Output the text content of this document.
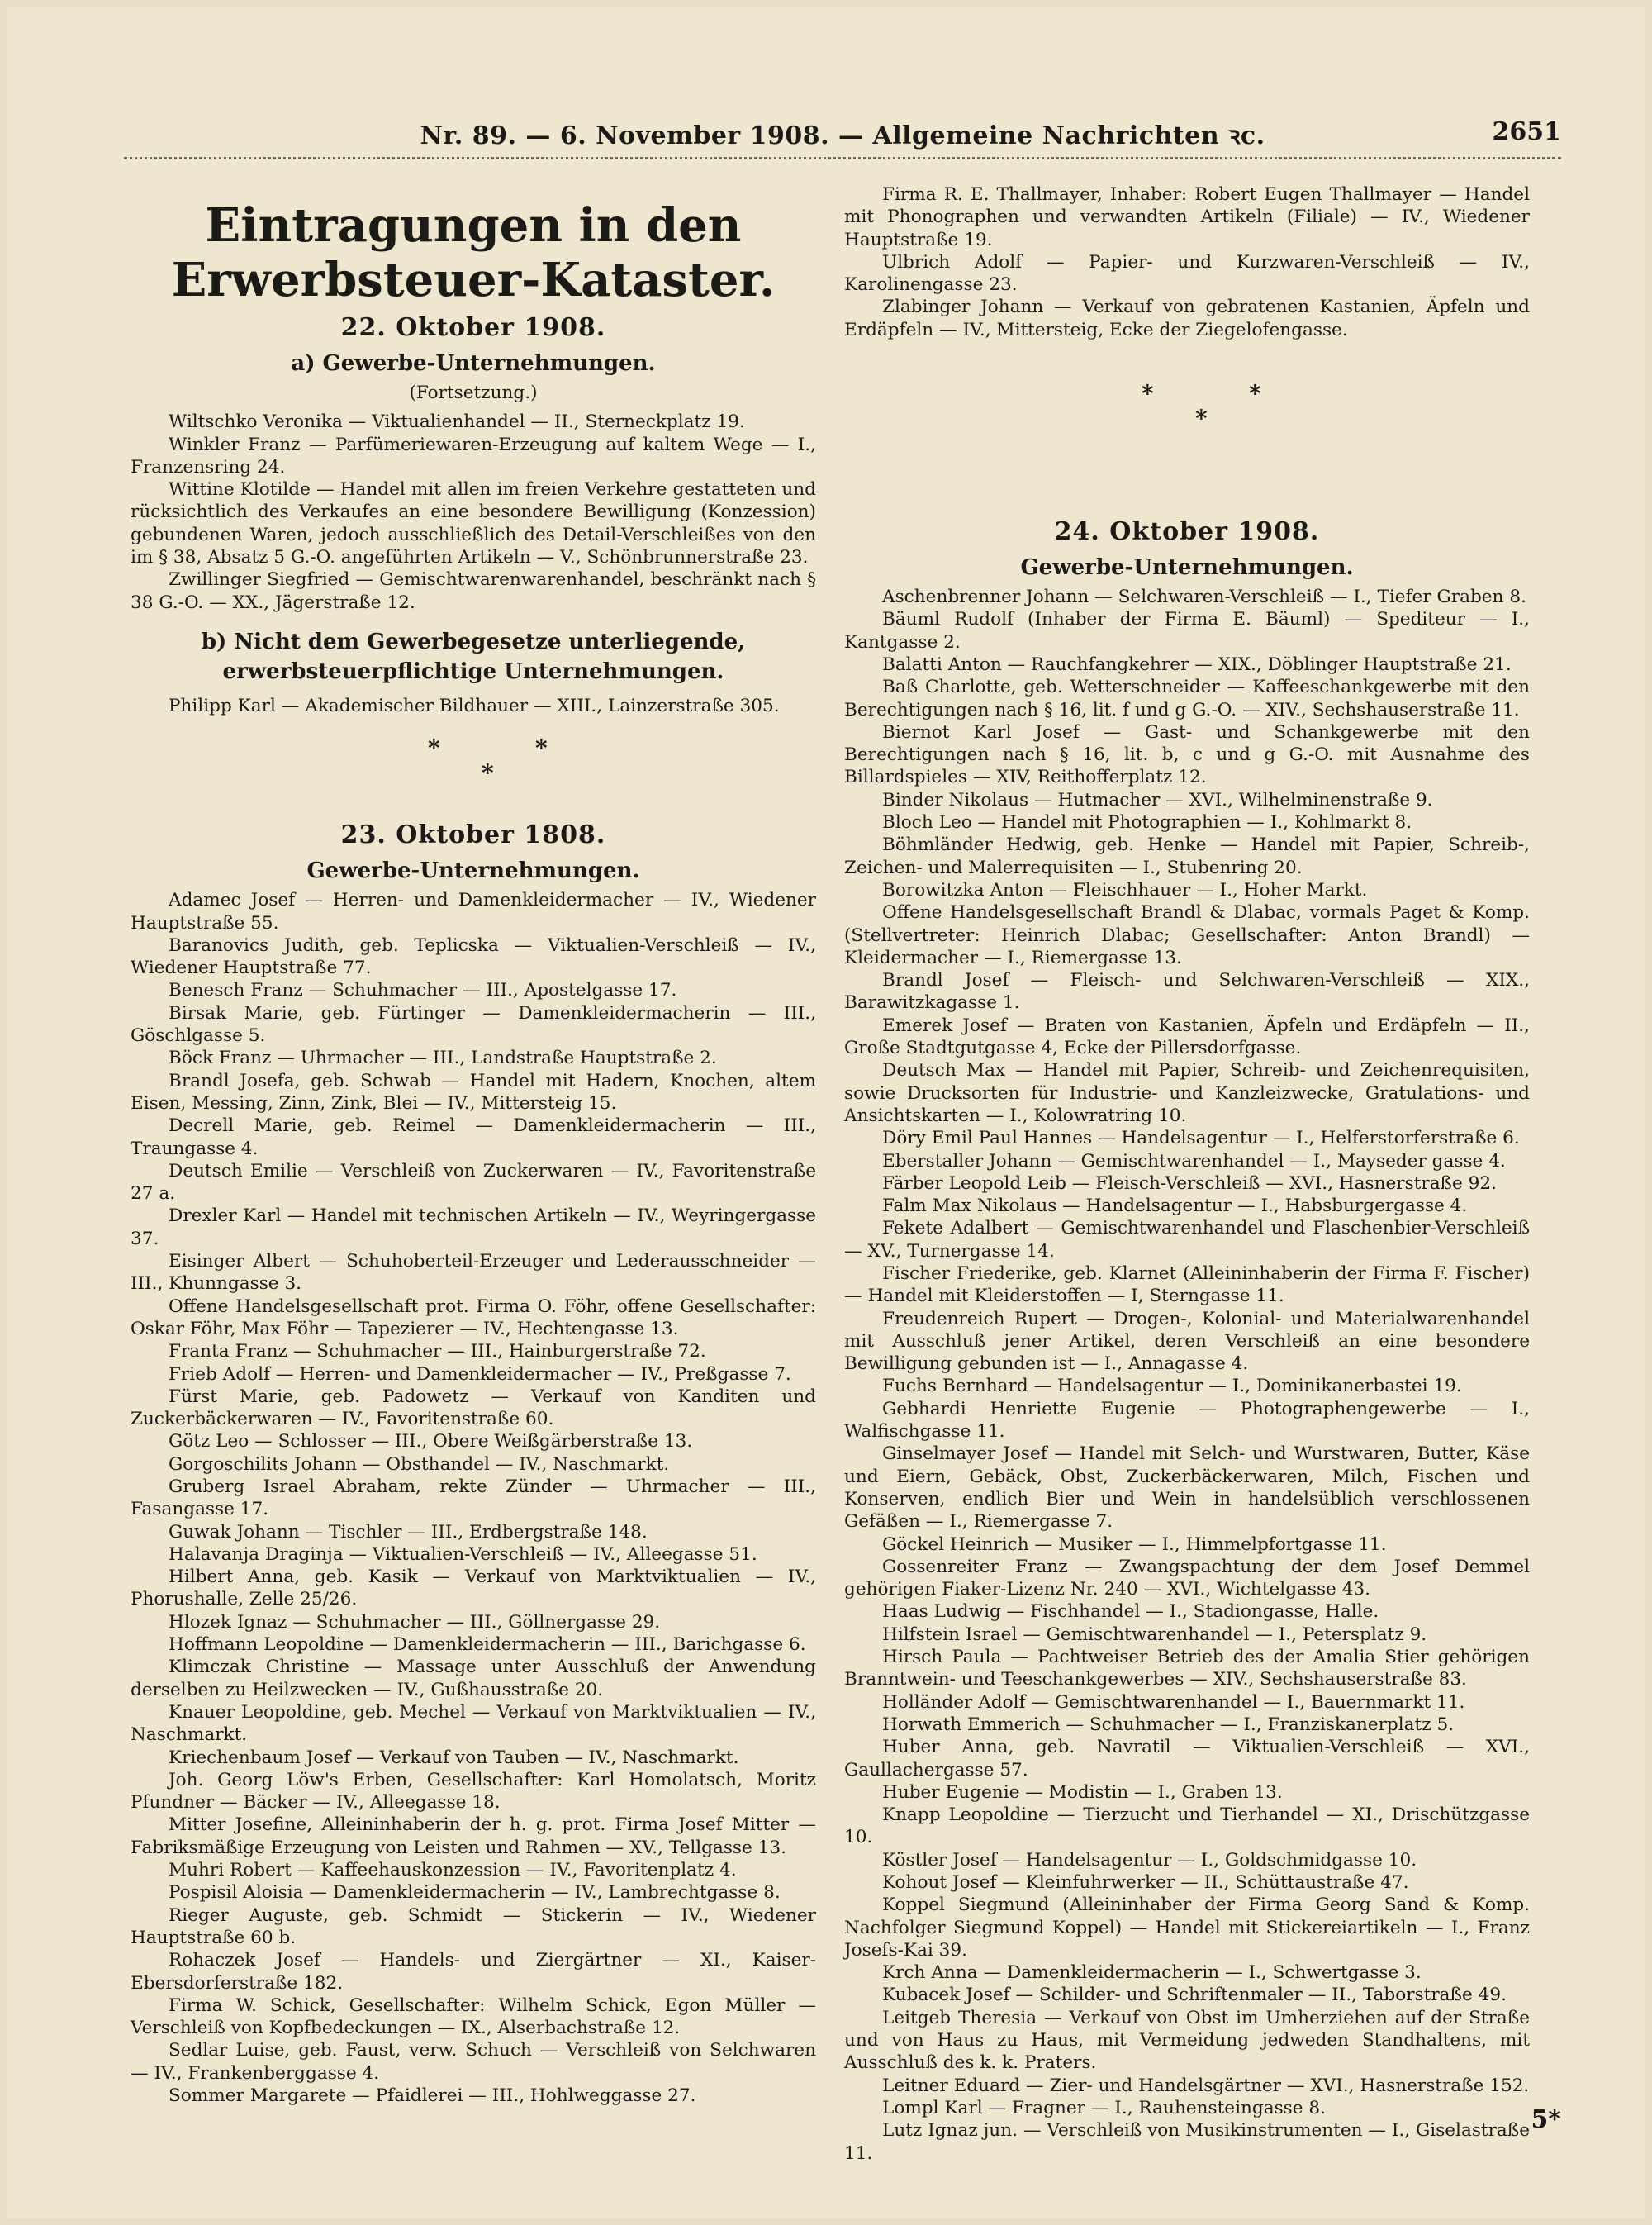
Nr. 89. — 6. November 1908. — Allgemeine Nachrichten ꝛc.	2651
Eintragungen in den Erwerbsteuer-Kataster.
22. Oktober 1908.
a) Gewerbe-Unternehmungen.
(Fortsetzung.)

Wiltschko Veronika — Viktualienhandel — II., Sterneckplatz 19.

Winkler Franz — Parfümeriewaren-Erzeugung auf kaltem Wege — I., Franzensring 24.

Wittine Klotilde — Handel mit allen im freien Verkehre gestatteten und rücksichtlich des Verkaufes an eine besondere Bewilligung (Konzession) gebundenen Waren, jedoch ausschließlich des Detail-Verschleißes von den im § 38, Absatz 5 G.-O. angeführten Artikeln — V., Schönbrunnerstraße 23.

Zwillinger Siegfried — Gemischtwarenwarenhandel, beschränkt nach § 38 G.-O. — XX., Jägerstraße 12.

b) Nicht dem Gewerbegesetze unterliegende, erwerbsteuerpflichtige Unternehmungen.

Philipp Karl — Akademischer Bildhauer — XIII., Lainzerstraße 305.

*
*
*
23. Oktober 1808.
Gewerbe-Unternehmungen.

Adamec Josef — Herren- und Damenkleidermacher — IV., Wiedener Hauptstraße 55.

Baranovics Judith, geb. Teplicska — Viktualien-Verschleiß — IV., Wiedener Hauptstraße 77.

Benesch Franz — Schuhmacher — III., Apostelgasse 17.

Birsak Marie, geb. Fürtinger — Damenkleidermacherin — III., Göschlgasse 5.

Böck Franz — Uhrmacher — III., Landstraße Hauptstraße 2.

Brandl Josefa, geb. Schwab — Handel mit Hadern, Knochen, altem Eisen, Messing, Zinn, Zink, Blei — IV., Mittersteig 15.

Decrell Marie, geb. Reimel — Damenkleidermacherin — III., Traungasse 4.

Deutsch Emilie — Verschleiß von Zuckerwaren — IV., Favoritenstraße 27 a.

Drexler Karl — Handel mit technischen Artikeln — IV., Weyringergasse 37.

Eisinger Albert — Schuhoberteil-Erzeuger und Lederausschneider — III., Khunngasse 3.

Offene Handelsgesellschaft prot. Firma O. Föhr, offene Gesellschafter: Oskar Föhr, Max Föhr — Tapezierer — IV., Hechtengasse 13.

Franta Franz — Schuhmacher — III., Hainburgerstraße 72.

Frieb Adolf — Herren- und Damenkleidermacher — IV., Preßgasse 7.

Fürst Marie, geb. Padowetz — Verkauf von Kanditen und Zuckerbäckerwaren — IV., Favoritenstraße 60.

Götz Leo — Schlosser — III., Obere Weißgärberstraße 13.

Gorgoschilits Johann — Obsthandel — IV., Naschmarkt.

Gruberg Israel Abraham, rekte Zünder — Uhrmacher — III., Fasangasse 17.

Guwak Johann — Tischler — III., Erdbergstraße 148.

Halavanja Draginja — Viktualien-Verschleiß — IV., Alleegasse 51.

Hilbert Anna, geb. Kasik — Verkauf von Marktviktualien — IV., Phorushalle, Zelle 25/26.

Hlozek Ignaz — Schuhmacher — III., Göllnergasse 29.

Hoffmann Leopoldine — Damenkleidermacherin — III., Barichgasse 6.

Klimczak Christine — Massage unter Ausschluß der Anwendung derselben zu Heilzwecken — IV., Gußhausstraße 20.

Knauer Leopoldine, geb. Mechel — Verkauf von Marktviktualien — IV., Naschmarkt.

Kriechenbaum Josef — Verkauf von Tauben — IV., Naschmarkt.

Joh. Georg Löw's Erben, Gesellschafter: Karl Homolatsch, Moritz Pfundner — Bäcker — IV., Alleegasse 18.

Mitter Josefine, Alleininhaberin der h. g. prot. Firma Josef Mitter — Fabriksmäßige Erzeugung von Leisten und Rahmen — XV., Tellgasse 13.

Muhri Robert — Kaffeehauskonzession — IV., Favoritenplatz 4.

Pospisil Aloisia — Damenkleidermacherin — IV., Lambrechtgasse 8.

Rieger Auguste, geb. Schmidt — Stickerin — IV., Wiedener Hauptstraße 60 b.

Rohaczek Josef — Handels- und Ziergärtner — XI., Kaiser-Ebersdorferstraße 182.

Firma W. Schick, Gesellschafter: Wilhelm Schick, Egon Müller — Verschleiß von Kopfbedeckungen — IX., Alserbachstraße 12.

Sedlar Luise, geb. Faust, verw. Schuch — Verschleiß von Selchwaren — IV., Frankenberggasse 4.

Sommer Margarete — Pfaidlerei — III., Hohlweggasse 27.

Firma R. E. Thallmayer, Inhaber: Robert Eugen Thallmayer — Handel mit Phonographen und verwandten Artikeln (Filiale) — IV., Wiedener Hauptstraße 19.

Ulbrich Adolf — Papier- und Kurzwaren-Verschleiß — IV., Karolinengasse 23.

Zlabinger Johann — Verkauf von gebratenen Kastanien, Äpfeln und Erdäpfeln — IV., Mittersteig, Ecke der Ziegelofengasse.

*
*
*
24. Oktober 1908.
Gewerbe-Unternehmungen.

Aschenbrenner Johann — Selchwaren-Verschleiß — I., Tiefer Graben 8.

Bäuml Rudolf (Inhaber der Firma E. Bäuml) — Spediteur — I., Kantgasse 2.

Balatti Anton — Rauchfangkehrer — XIX., Döblinger Hauptstraße 21.

Baß Charlotte, geb. Wetterschneider — Kaffeeschankgewerbe mit den Berechtigungen nach § 16, lit. f und g G.-O. — XIV., Sechshauserstraße 11.

Biernot Karl Josef — Gast- und Schankgewerbe mit den Berechtigungen nach § 16, lit. b, c und g G.-O. mit Ausnahme des Billardspieles — XIV, Reithofferplatz 12.

Binder Nikolaus — Hutmacher — XVI., Wilhelminenstraße 9.

Bloch Leo — Handel mit Photographien — I., Kohlmarkt 8.

Böhmländer Hedwig, geb. Henke — Handel mit Papier, Schreib-, Zeichen- und Malerrequisiten — I., Stubenring 20.

Borowitzka Anton — Fleischhauer — I., Hoher Markt.

Offene Handelsgesellschaft Brandl & Dlabac, vormals Paget & Komp. (Stellvertreter: Heinrich Dlabac; Gesellschafter: Anton Brandl) — Kleidermacher — I., Riemergasse 13.

Brandl Josef — Fleisch- und Selchwaren-Verschleiß — XIX., Barawitzkagasse 1.

Emerek Josef — Braten von Kastanien, Äpfeln und Erdäpfeln — II., Große Stadtgutgasse 4, Ecke der Pillersdorfgasse.

Deutsch Max — Handel mit Papier, Schreib- und Zeichenrequisiten, sowie Drucksorten für Industrie- und Kanzleizwecke, Gratulations- und Ansichtskarten — I., Kolowratring 10.

Döry Emil Paul Hannes — Handelsagentur — I., Helferstorferstraße 6.

Eberstaller Johann — Gemischtwarenhandel — I., Mayseder gasse 4.

Färber Leopold Leib — Fleisch-Verschleiß — XVI., Hasnerstraße 92.

Falm Max Nikolaus — Handelsagentur — I., Habsburgergasse 4.

Fekete Adalbert — Gemischtwarenhandel und Flaschenbier-Verschleiß — XV., Turnergasse 14.

Fischer Friederike, geb. Klarnet (Alleininhaberin der Firma F. Fischer) — Handel mit Kleiderstoffen — I, Sterngasse 11.

Freudenreich Rupert — Drogen-, Kolonial- und Materialwarenhandel mit Ausschluß jener Artikel, deren Verschleiß an eine besondere Bewilligung gebunden ist — I., Annagasse 4.

Fuchs Bernhard — Handelsagentur — I., Dominikanerbastei 19.

Gebhardi Henriette Eugenie — Photographengewerbe — I., Walfischgasse 11.

Ginselmayer Josef — Handel mit Selch- und Wurstwaren, Butter, Käse und Eiern, Gebäck, Obst, Zuckerbäckerwaren, Milch, Fischen und Konserven, endlich Bier und Wein in handelsüblich verschlossenen Gefäßen — I., Riemergasse 7.

Göckel Heinrich — Musiker — I., Himmelpfortgasse 11.

Gossenreiter Franz — Zwangspachtung der dem Josef Demmel gehörigen Fiaker-Lizenz Nr. 240 — XVI., Wichtelgasse 43.

Haas Ludwig — Fischhandel — I., Stadiongasse, Halle.

Hilfstein Israel — Gemischtwarenhandel — I., Petersplatz 9.

Hirsch Paula — Pachtweiser Betrieb des der Amalia Stier gehörigen Branntwein- und Teeschankgewerbes — XIV., Sechshauserstraße 83.

Holländer Adolf — Gemischtwarenhandel — I., Bauernmarkt 11.

Horwath Emmerich — Schuhmacher — I., Franziskanerplatz 5.

Huber Anna, geb. Navratil — Viktualien-Verschleiß — XVI., Gaullachergasse 57.

Huber Eugenie — Modistin — I., Graben 13.

Knapp Leopoldine — Tierzucht und Tierhandel — XI., Drischützgasse 10.

Köstler Josef — Handelsagentur — I., Goldschmidgasse 10.

Kohout Josef — Kleinfuhrwerker — II., Schüttaustraße 47.

Koppel Siegmund (Alleininhaber der Firma Georg Sand & Komp. Nachfolger Siegmund Koppel) — Handel mit Stickereiartikeln — I., Franz Josefs-Kai 39.

Krch Anna — Damenkleidermacherin — I., Schwertgasse 3.

Kubacek Josef — Schilder- und Schriftenmaler — II., Taborstraße 49.

Leitgeb Theresia — Verkauf von Obst im Umherziehen auf der Straße und von Haus zu Haus, mit Vermeidung jedweden Standhaltens, mit Ausschluß des k. k. Praters.

Leitner Eduard — Zier- und Handelsgärtner — XVI., Hasnerstraße 152.

Lompl Karl — Fragner — I., Rauhensteingasse 8.

Lutz Ignaz jun. — Verschleiß von Musikinstrumenten — I., Giselastraße 11.

5*
